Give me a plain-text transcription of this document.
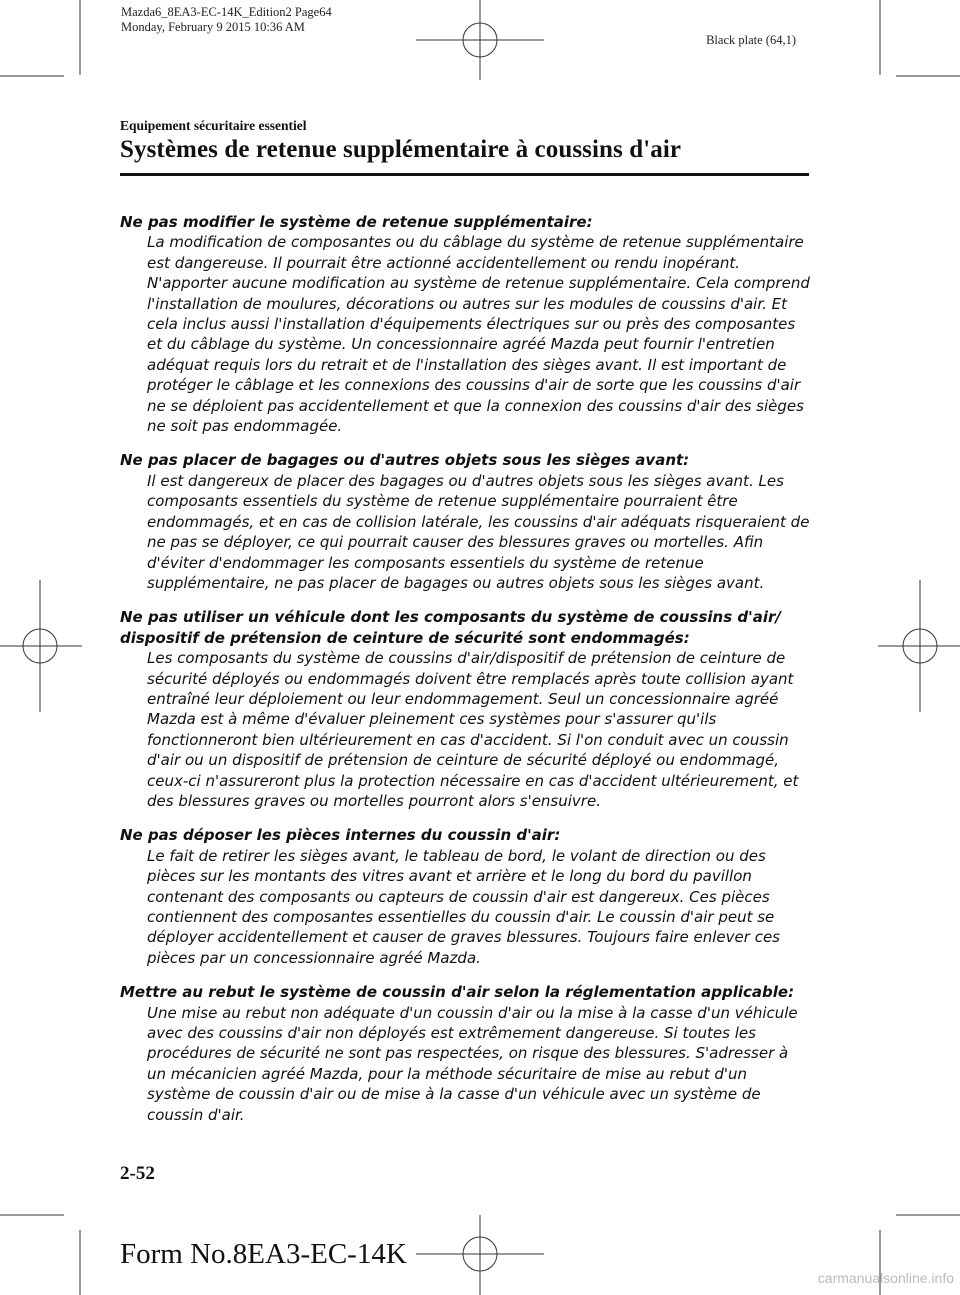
Mazda6_8EA3-EC-14K_Edition2 Page64
Monday, February 9 2015 10:36 AM
Black plate (64,1)
Equipement sécuritaire essentiel
Systèmes de retenue supplémentaire à coussins d'air
Ne pas modifier le système de retenue supplémentaire:
La modification de composantes ou du câblage du système de retenue supplémentaire est dangereuse. Il pourrait être actionné accidentellement ou rendu inopérant. N'apporter aucune modification au système de retenue supplémentaire. Cela comprend l'installation de moulures, décorations ou autres sur les modules de coussins d'air. Et cela inclus aussi l'installation d'équipements électriques sur ou près des composantes et du câblage du système. Un concessionnaire agréé Mazda peut fournir l'entretien adéquat requis lors du retrait et de l'installation des sièges avant. Il est important de protéger le câblage et les connexions des coussins d'air de sorte que les coussins d'air ne se déploient pas accidentellement et que la connexion des coussins d'air des sièges ne soit pas endommagée.
Ne pas placer de bagages ou d'autres objets sous les sièges avant:
Il est dangereux de placer des bagages ou d'autres objets sous les sièges avant. Les composants essentiels du système de retenue supplémentaire pourraient être endommagés, et en cas de collision latérale, les coussins d'air adéquats risqueraient de ne pas se déployer, ce qui pourrait causer des blessures graves ou mortelles. Afin d'éviter d'endommager les composants essentiels du système de retenue supplémentaire, ne pas placer de bagages ou autres objets sous les sièges avant.
Ne pas utiliser un véhicule dont les composants du système de coussins d'air/ dispositif de prétension de ceinture de sécurité sont endommagés:
Les composants du système de coussins d'air/dispositif de prétension de ceinture de sécurité déployés ou endommagés doivent être remplacés après toute collision ayant entraîné leur déploiement ou leur endommagement. Seul un concessionnaire agréé Mazda est à même d'évaluer pleinement ces systèmes pour s'assurer qu'ils fonctionneront bien ultérieurement en cas d'accident. Si l'on conduit avec un coussin d'air ou un dispositif de prétension de ceinture de sécurité déployé ou endommagé, ceux-ci n'assureront plus la protection nécessaire en cas d'accident ultérieurement, et des blessures graves ou mortelles pourront alors s'ensuivre.
Ne pas déposer les pièces internes du coussin d'air:
Le fait de retirer les sièges avant, le tableau de bord, le volant de direction ou des pièces sur les montants des vitres avant et arrière et le long du bord du pavillon contenant des composants ou capteurs de coussin d'air est dangereux. Ces pièces contiennent des composantes essentielles du coussin d'air. Le coussin d'air peut se déployer accidentellement et causer de graves blessures. Toujours faire enlever ces pièces par un concessionnaire agréé Mazda.
Mettre au rebut le système de coussin d'air selon la réglementation applicable:
Une mise au rebut non adéquate d'un coussin d'air ou la mise à la casse d'un véhicule avec des coussins d'air non déployés est extrêmement dangereuse. Si toutes les procédures de sécurité ne sont pas respectées, on risque des blessures. S'adresser à un mécanicien agréé Mazda, pour la méthode sécuritaire de mise au rebut d'un système de coussin d'air ou de mise à la casse d'un véhicule avec un système de coussin d'air.
2-52
Form No.8EA3-EC-14K
carmanualsonline.info
